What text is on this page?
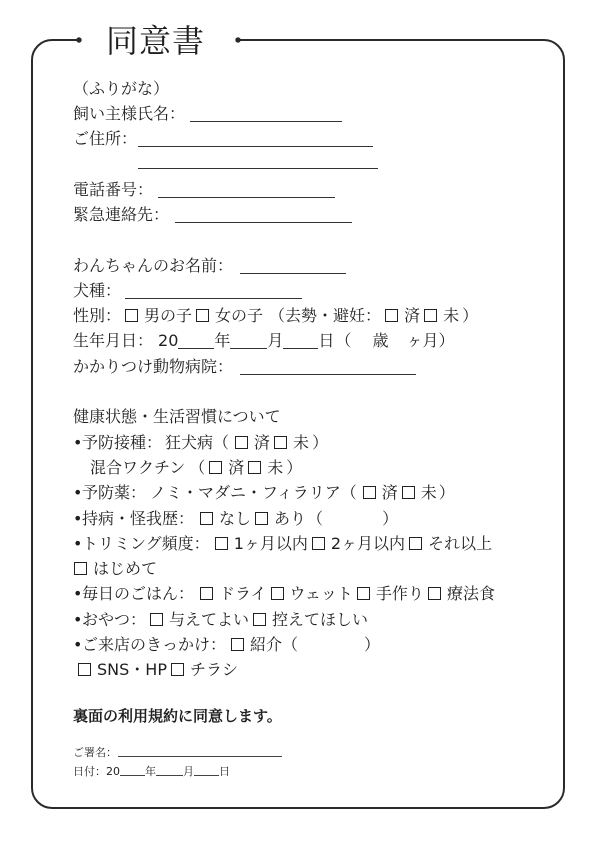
同意書
（ふりがな）
飼い主様氏名：
ご住所：
電話番号：
緊急連絡先：
わんちゃんのお名前：
犬種：
性別： 男の子 女の子 （去勢・避妊： 済 未 ）
生年月日： 20 年 月 日 （ 歳 ヶ月）
かかりつけ動物病院：
健康状態・生活習慣について
• 予防接種： 狂犬病（ 済 未 ）
混合ワクチン （ 済 未 ）
• 予防薬： ノミ・マダニ・フィラリア（ 済 未 ）
• 持病・怪我歴： なし あり （	）
• トリミング頻度： 1ヶ月以内 2ヶ月以内 それ以上
はじめて
• 毎日のごはん： ドライ ウェット 手作り 療法食
• おやつ： 与えてよい 控えてほしい
• ご来店のきっかけ： 紹介 （	）
SNS・HP チラシ
裏面の利用規約に同意します。
ご署名：
日付： 20 年 月 日
